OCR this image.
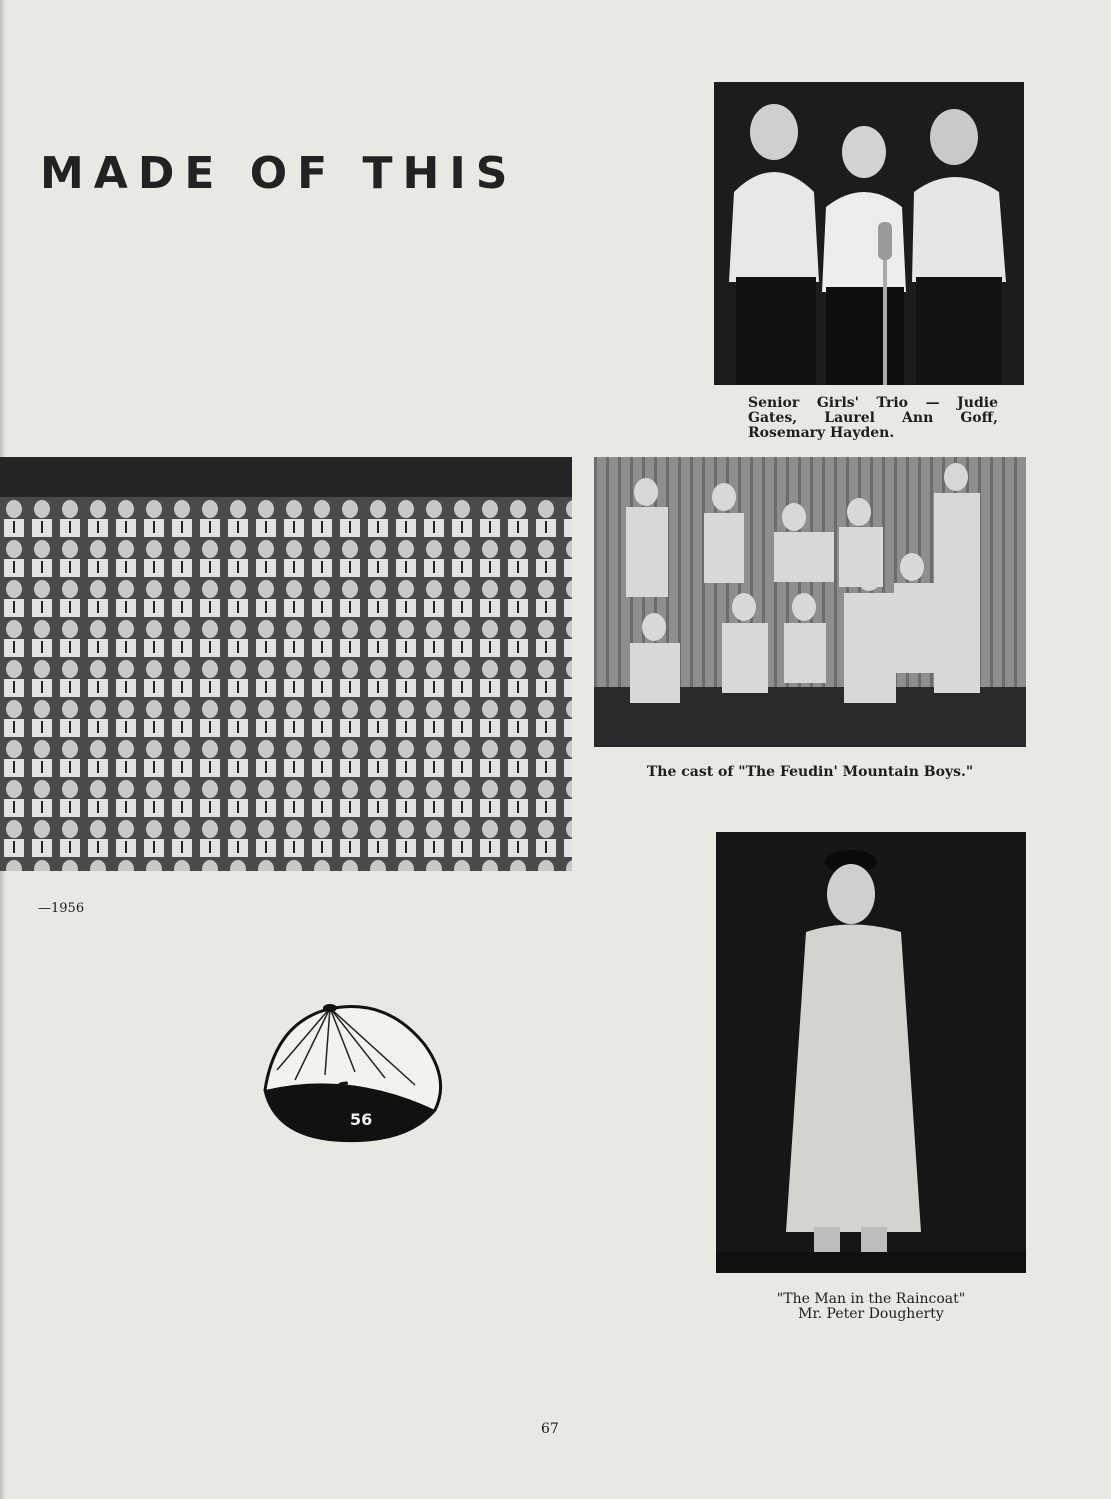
MADE OF THIS

Senior Girls' Trio — Judie Gates, Laurel Ann Goff, Rosemary Hayden.

—1956

The cast of "The Feudin' Mountain Boys."

HHS
56

"The Man in the Raincoat"
Mr. Peter Dougherty

67
